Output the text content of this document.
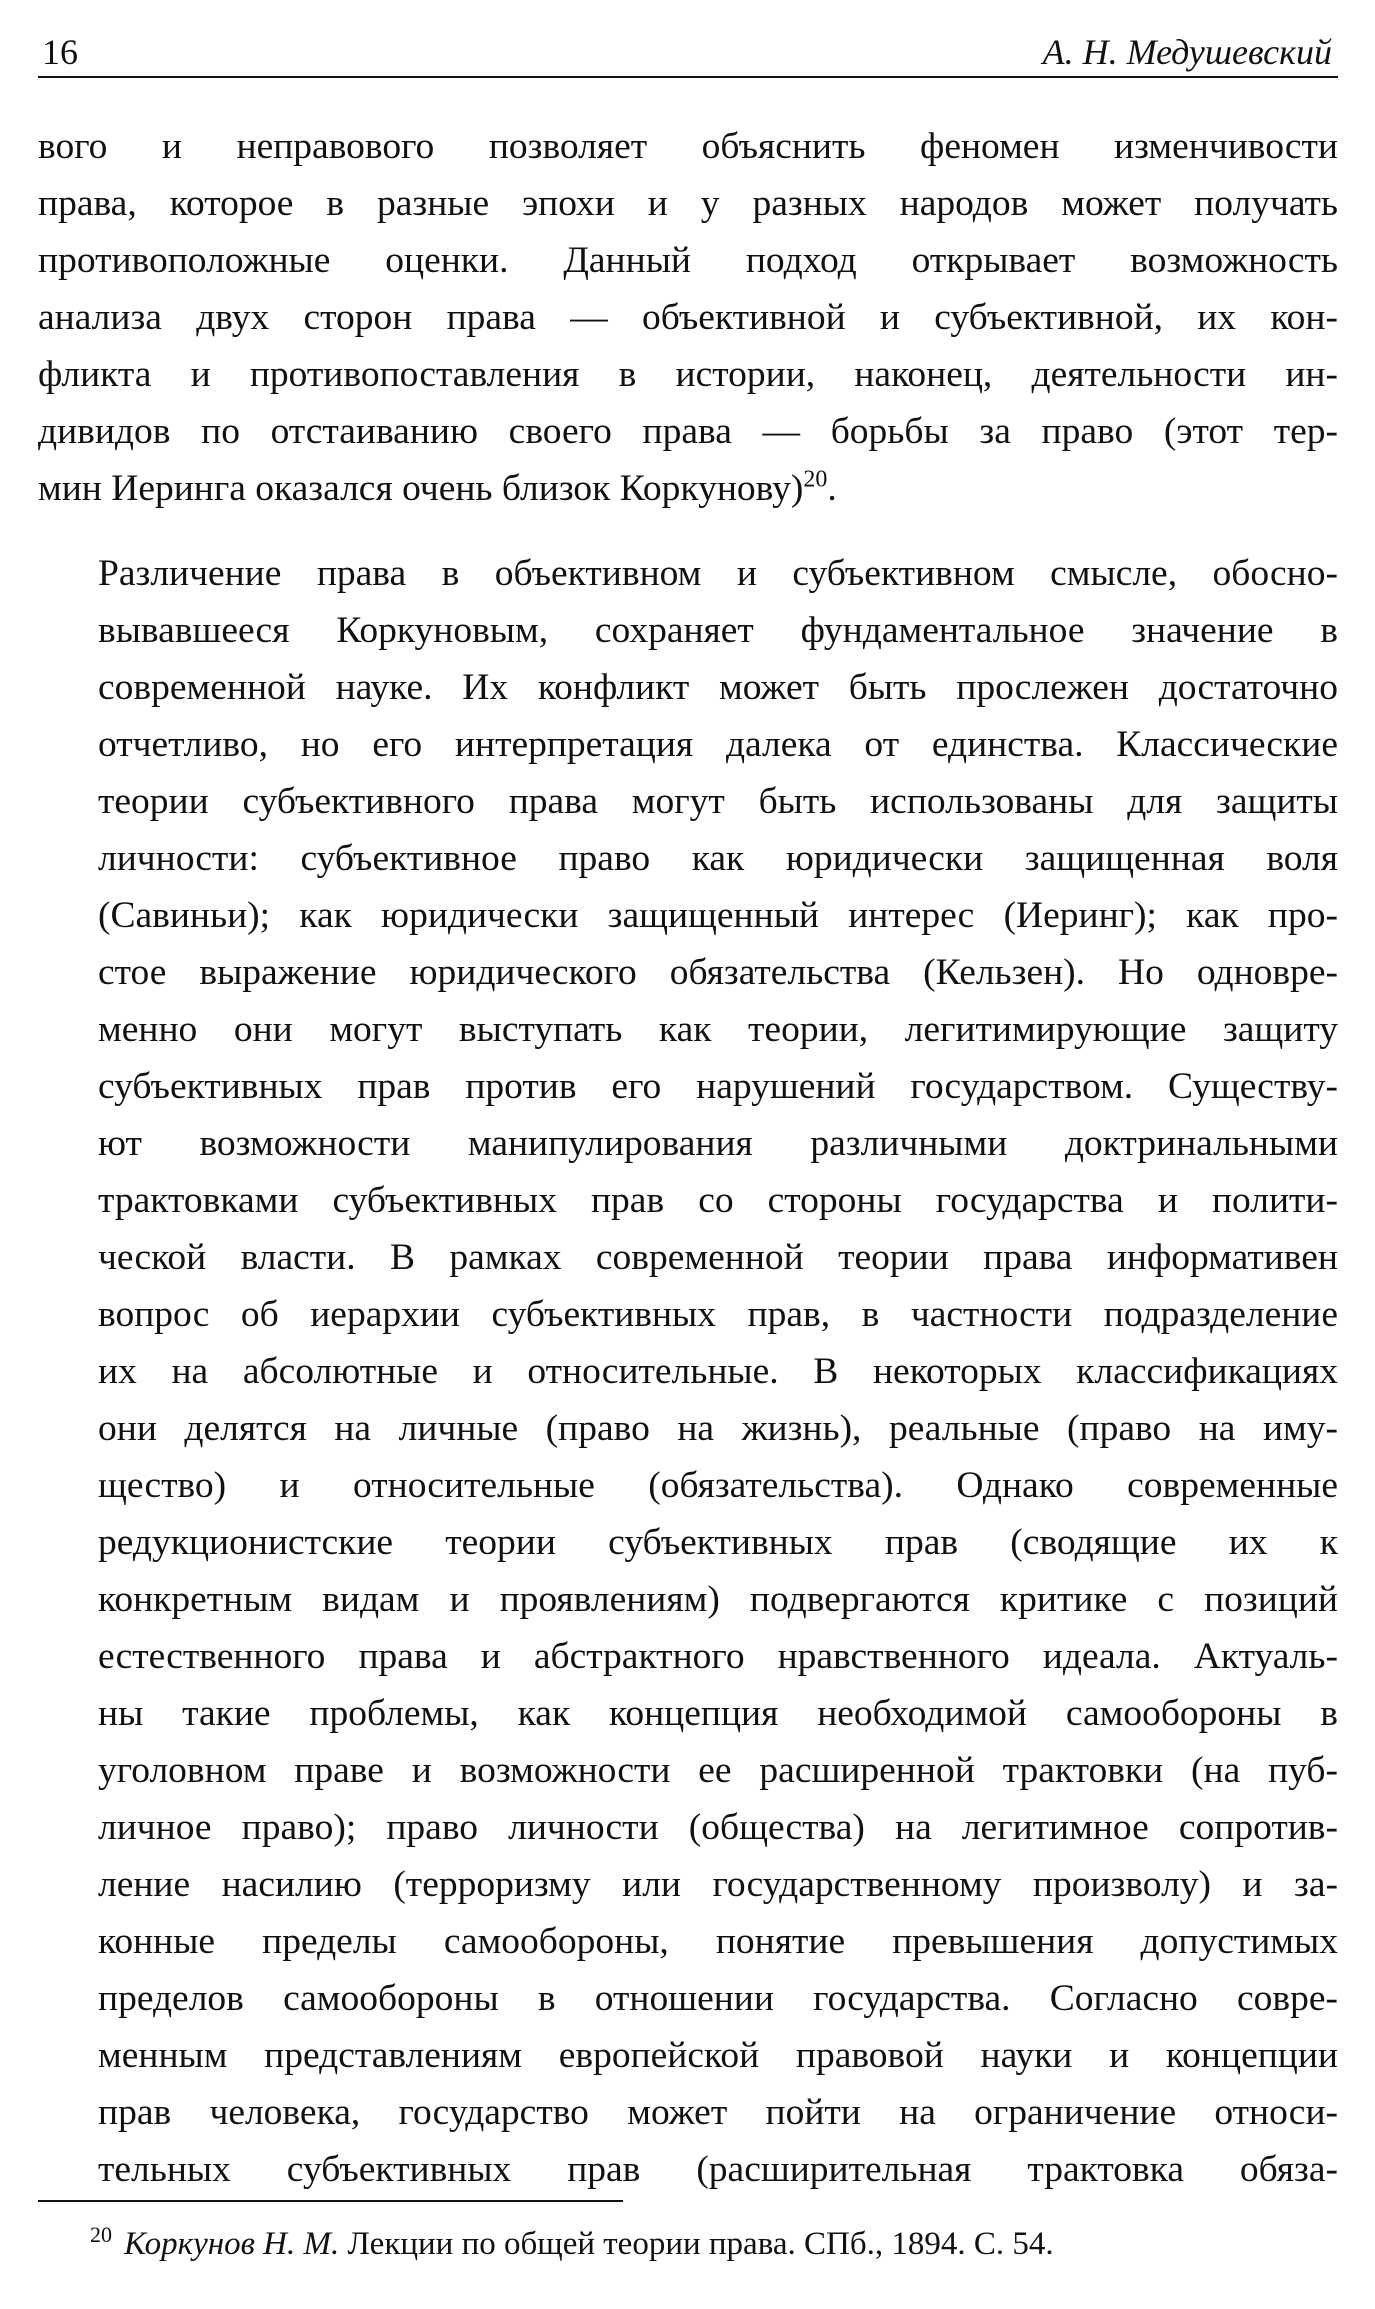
16	А. Н. Медушевский

вого и неправового позволяет объяснить феномен изменчивости
права, которое в разные эпохи и у разных народов может получать
противоположные оценки. Данный подход открывает возможность
анализа двух сторон права — объективной и субъективной, их кон-
фликта и противопоставления в истории, наконец, деятельности ин-
дивидов по отстаиванию своего права — борьбы за право (этот тер-
мин Иеринга оказался очень близок Коркунову)$^{20}$.

Различение права в объективном и субъективном смысле, обосно-
вывавшееся Коркуновым, сохраняет фундаментальное значение в
современной науке. Их конфликт может быть прослежен достаточно
отчетливо, но его интерпретация далека от единства. Классические
теории субъективного права могут быть использованы для защиты
личности: субъективное право как юридически защищенная воля
(Савиньи); как юридически защищенный интерес (Иеринг); как про-
стое выражение юридического обязательства (Кельзен). Но одновре-
менно они могут выступать как теории, легитимирующие защиту
субъективных прав против его нарушений государством. Существу-
ют возможности манипулирования различными доктринальными
трактовками субъективных прав со стороны государства и полити-
ческой власти. В рамках современной теории права информативен
вопрос об иерархии субъективных прав, в частности подразделение
их на абсолютные и относительные. В некоторых классификациях
они делятся на личные (право на жизнь), реальные (право на иму-
щество) и относительные (обязательства). Однако современные
редукционистские теории субъективных прав (сводящие их к
конкретным видам и проявлениям) подвергаются критике с позиций
естественного права и абстрактного нравственного идеала. Актуаль-
ны такие проблемы, как концепция необходимой самообороны в
уголовном праве и возможности ее расширенной трактовки (на пуб-
личное право); право личности (общества) на легитимное сопротив-
ление насилию (терроризму или государственному произволу) и за-
конные пределы самообороны, понятие превышения допустимых
пределов самообороны в отношении государства. Согласно совре-
менным представлениям европейской правовой науки и концепции
прав человека, государство может пойти на ограничение относи-
тельных субъективных прав (расширительная трактовка обяза-

$^{20}$ Коркунов Н. М. Лекции по общей теории права. СПб., 1894. С. 54.
